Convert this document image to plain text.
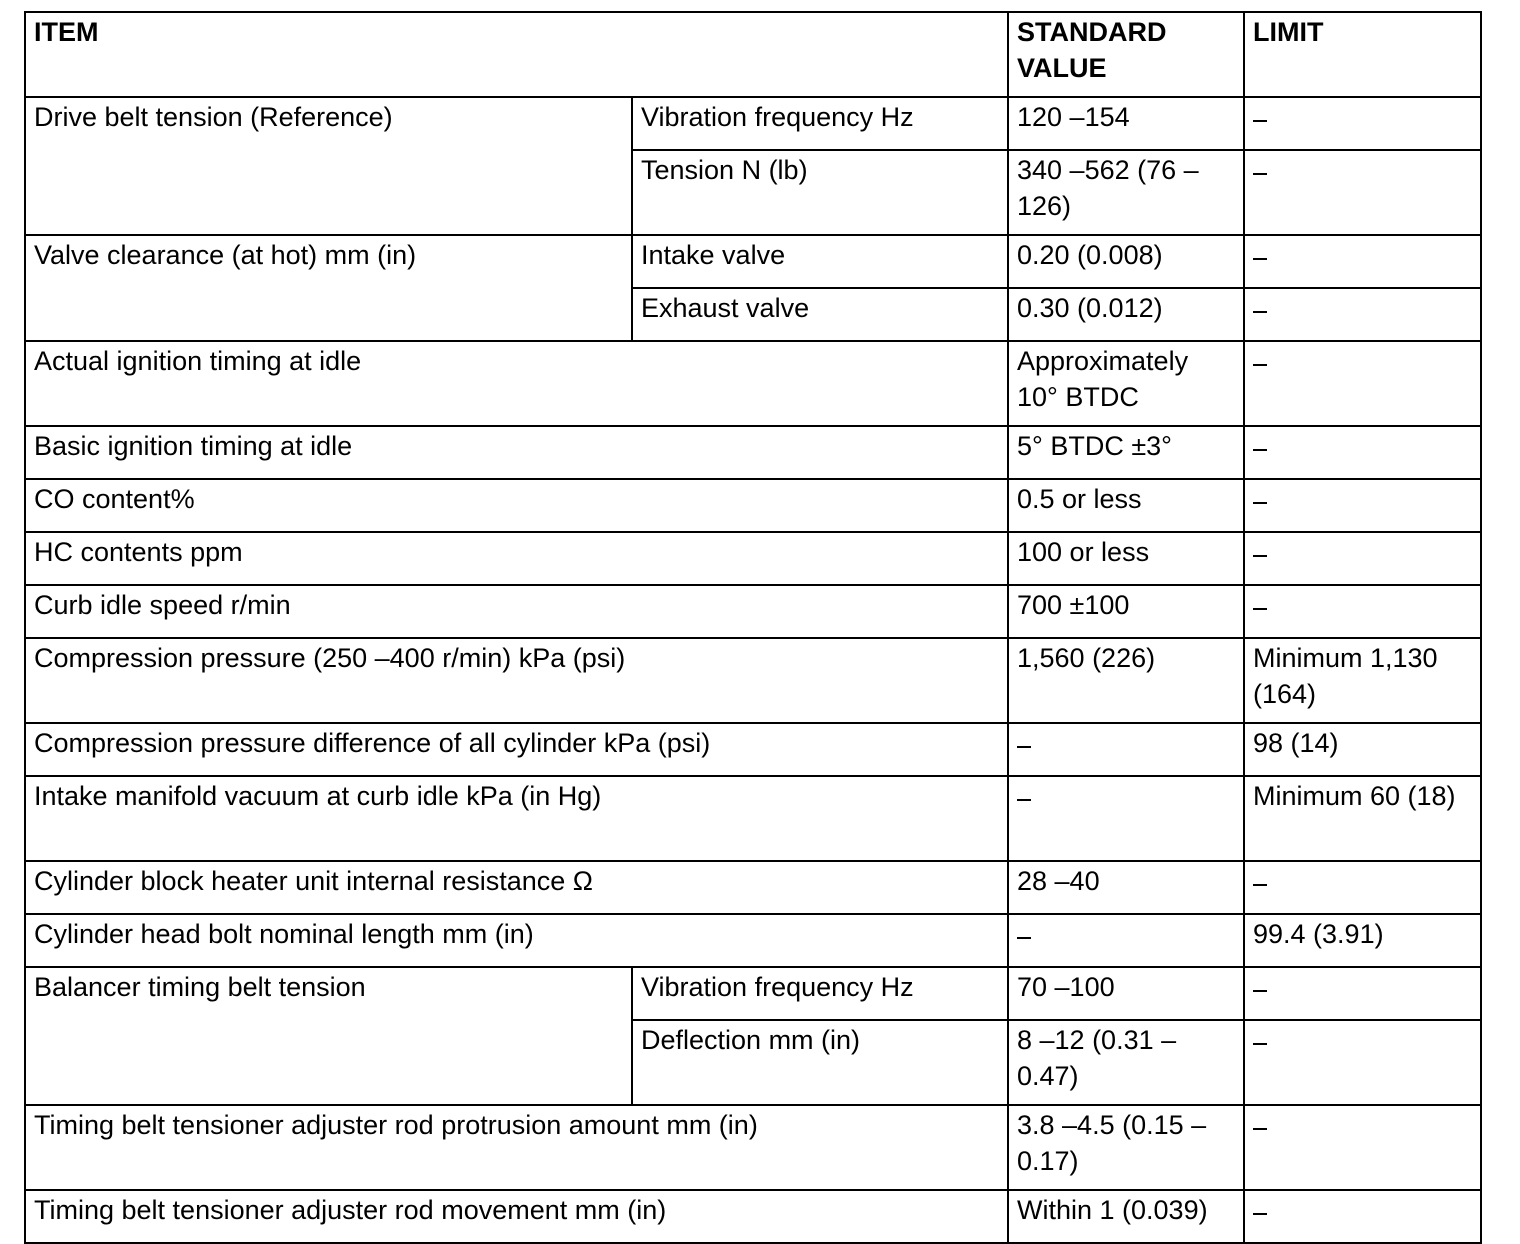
ITEM		STANDARD VALUE	LIMIT
Drive belt tension (Reference)	Vibration frequency Hz	120 –154	
	Tension N (lb)	340 –562 (76 – 126)	
Valve clearance (at hot) mm (in)	Intake valve	0.20 (0.008)	
	Exhaust valve	0.30 (0.012)	
Actual ignition timing at idle		Approximately 10° BTDC	
Basic ignition timing at idle		5° BTDC ±3°	
CO content%		0.5 or less	
HC contents ppm		100 or less	
Curb idle speed r/min		700 ±100	
Compression pressure (250 –400 r/min) kPa (psi)		1,560 (226)	Minimum 1,130 (164)
Compression pressure difference of all cylinder kPa (psi)			98 (14)
Intake manifold vacuum at curb idle kPa (in Hg)			Minimum 60 (18)
Cylinder block heater unit internal resistance Ω		28 –40	
Cylinder head bolt nominal length mm (in)			99.4 (3.91)
Balancer timing belt tension	Vibration frequency Hz	70 –100	
	Deflection mm (in)	8 –12 (0.31 – 0.47)	
Timing belt tensioner adjuster rod protrusion amount mm (in)		3.8 –4.5 (0.15 – 0.17)	
Timing belt tensioner adjuster rod movement mm (in)		Within 1 (0.039)	
